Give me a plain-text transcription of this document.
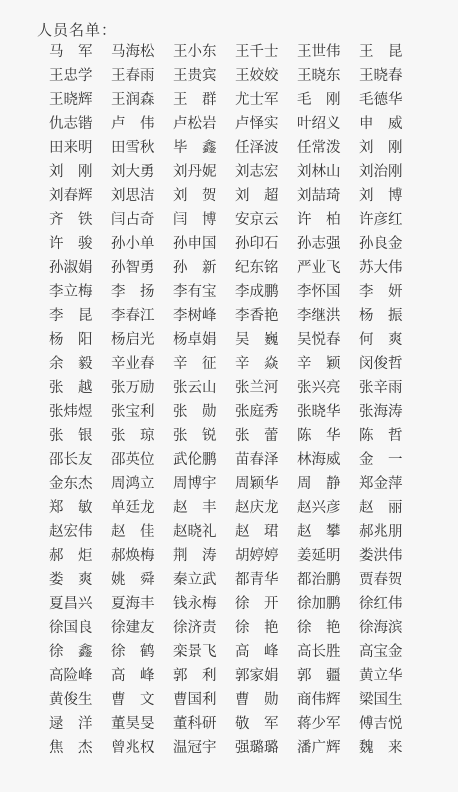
人员名单：
马　军	马海松	王小东	王千士	王世伟	王　昆
王忠学	王春雨	王贵宾	王姣姣	王晓东	王晓春
王晓辉	王润森	王　群	尤士军	毛　刚	毛德华
仇志锴	卢　伟	卢松岩	卢怿实	叶绍义	申　威
田来明	田雪秋	毕　鑫	任泽波	任常泼	刘　刚
刘　刚	刘大勇	刘丹妮	刘志宏	刘林山	刘治刚
刘春辉	刘思洁	刘　贺	刘　超	刘喆琦	刘　博
齐　铁	闫占奇	闫　博	安京云	许　柏	许彦红
许　骏	孙小单	孙申国	孙印石	孙志强	孙良金
孙淑娟	孙智勇	孙　新	纪东铭	严业飞	苏大伟
李立梅	李　扬	李有宝	李成鹏	李怀国	李　妍
李　昆	李春江	李树峰	李香艳	李继洪	杨　振
杨　阳	杨启光	杨卓娟	吴　巍	吴悦春	何　爽
余　毅	辛业春	辛　征	辛　焱	辛　颖	闵俊哲
张　越	张万励	张云山	张兰河	张兴亮	张辛雨
张炜煜	张宝利	张　勋	张庭秀	张晓华	张海涛
张　银	张　琼	张　锐	张　蕾	陈　华	陈　哲
邵长友	邵英位	武伦鹏	苗春泽	林海威	金　一
金东杰	周鸿立	周博宇	周颖华	周　静	郑金萍
郑　敏	单廷龙	赵　丰	赵庆龙	赵兴彦	赵　丽
赵宏伟	赵　佳	赵晓礼	赵　珺	赵　攀	郝兆朋
郝　炬	郝焕梅	荆　涛	胡婷婷	姜延明	娄洪伟
娄　爽	姚　舜	秦立武	都青华	都治鹏	贾春贺
夏昌兴	夏海丰	钱永梅	徐　开	徐加鹏	徐红伟
徐国良	徐建友	徐济责	徐　艳	徐　艳	徐海滨
徐　鑫	徐　鹤	栾景飞	高　峰	高长胜	高宝金
高险峰	高　峰	郭　利	郭家娟	郭　疆	黄立华
黄俊生	曹　文	曹国利	曹　勋	商伟辉	梁国生
逯　洋	董昊旻	董科研	敬　军	蒋少军	傅吉悦
焦　杰	曾兆权	温冠宇	强璐璐	潘广辉	魏　来
